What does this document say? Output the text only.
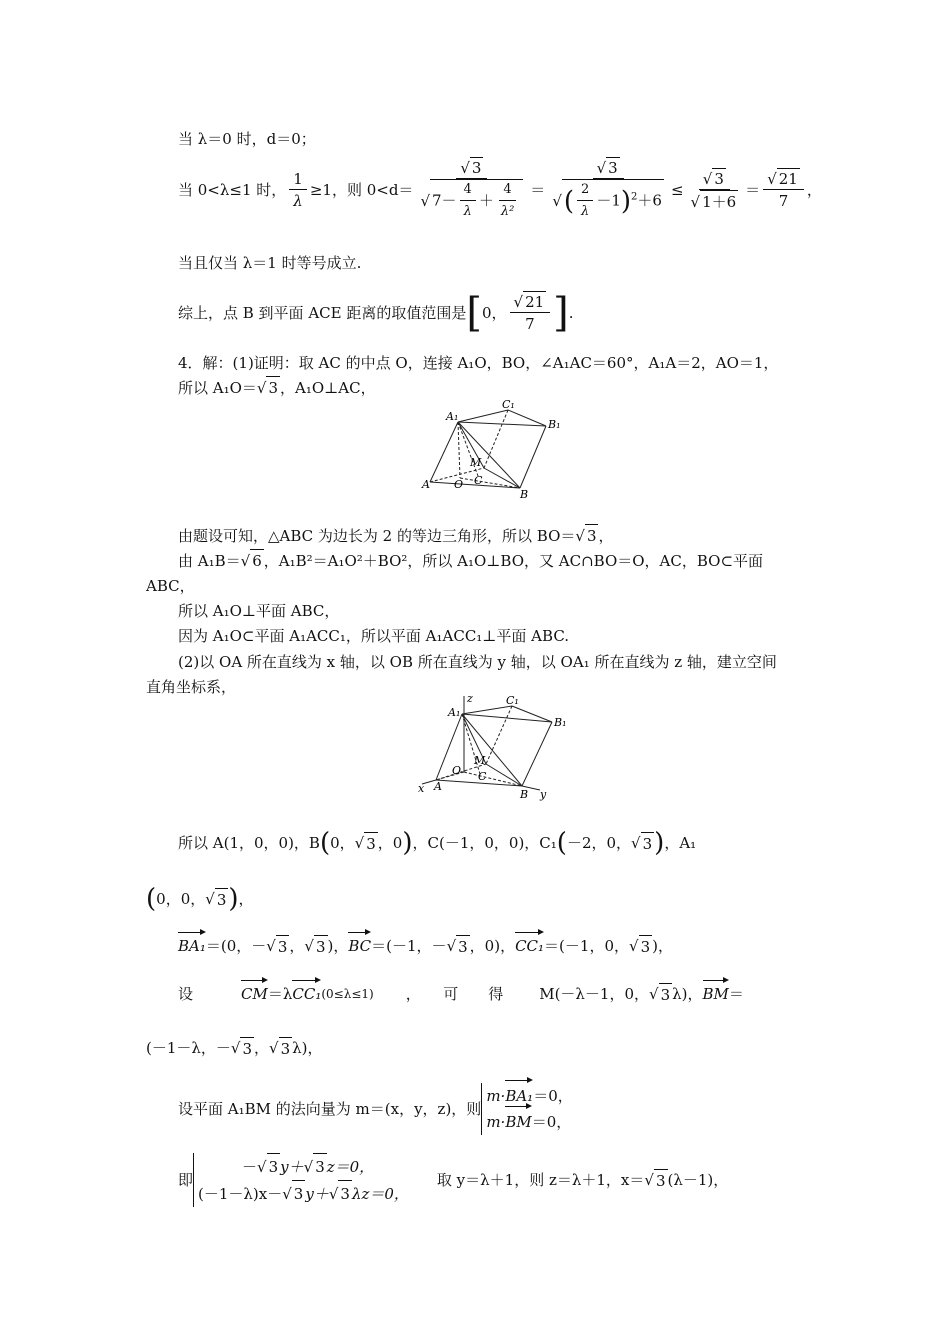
当 λ＝0 时，d＝0；
当 0<λ≤1 时， $\frac{1}{\lambda} \ge 1$，则 0<d＝ √ 3
√ $7- \frac{4}{\lambda} + \frac{4}{\text{λ²}}$ ＝ √ 3
√ ( $\frac{2}{\lambda} -1)^2+6$ ≤ √ 3
√ 1＋6 ＝ √ $\frac{21}{7}$ ，
当且仅当 λ＝1 时等号成立.
综上，点 B 到平面 ACE 距离的取值范围是 [ 0， √ $\frac{21}{7}$ ] .
4．解：(1)证明：取 AC 的中点 O，连接 A₁O，BO，∠A₁AC＝60°，A₁A＝2，AO＝1，
所以 A₁O＝ √ 3 ，A₁O⊥AC，
A₁
C₁
B₁
M
A O C
B
由题设可知，△ABC 为边长为 2 的等边三角形，所以 BO＝ √ 3 ，
由 A₁B＝ √ 6 ，A₁B²＝A₁O²＋BO²，所以 A₁O⊥BO，又 AC∩BO＝O，AC，BO⊂平面
ABC，
所以 A₁O⊥平面 ABC，
因为 A₁O⊂平面 A₁ACC₁，所以平面 A₁ACC₁⊥平面 ABC.
(2)以 OA 所在直线为 x 轴，以 OB 所在直线为 y 轴，以 OA₁ 所在直线为 z 轴，建立空间
直角坐标系，
z
A₁
C₁
B₁
M
O C
x A
B y
所以 A(1，0，0)，B ( 0， √ 3 ，0 ) ，C(－1，0，0)，C₁ ( －2，0， √ 3 ) ，A₁
( 0，0， √ 3 ) ，
BA₁ ＝(0，－ √ 3 ， √ 3 )， BC ＝(－1，－ √ 3 ，0)， CC₁ ＝(－1，0， √ 3 )，
设	CM ＝λ CC₁ (0≤λ≤1) ，　　可　　得 M(－λ－1，0， √ 3 λ)， BM ＝
(－1－λ，－ √ 3 ， √ 3 λ)，
设平面 A₁BM 的法向量为 m＝(x，y，z)，则
m·BA₁＝0，
m·BM＝0，
即
－ √ 3 y＋ √ 3 z＝0，
(－1－λ)x－ √ 3 y＋ √ 3 λz＝0，
取 y＝λ＋1，则 z＝λ＋1，x＝ √ 3 (λ－1)，
